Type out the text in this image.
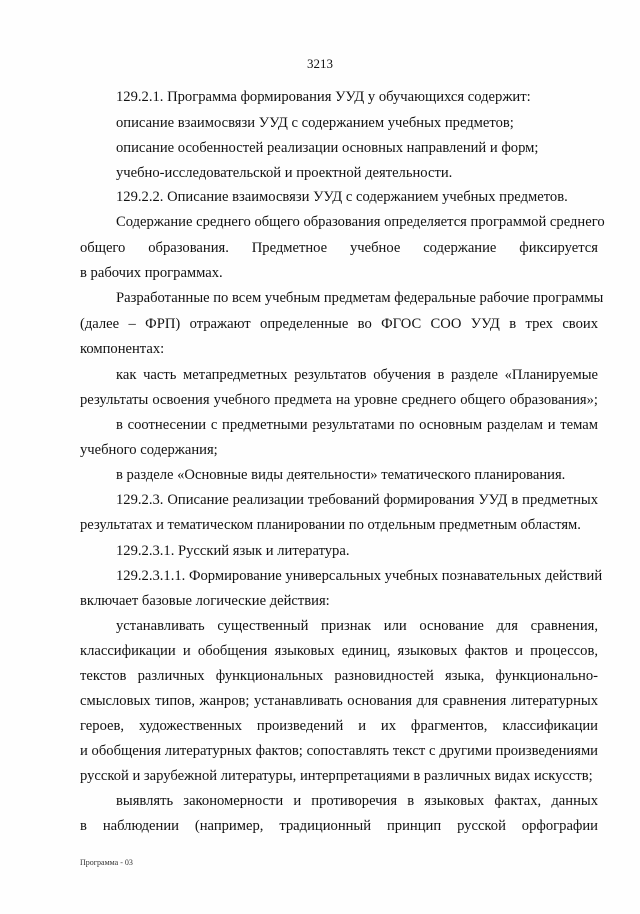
3213
129.2.1. Программа формирования УУД у обучающихся содержит:
описание взаимосвязи УУД с содержанием учебных предметов;
описание особенностей реализации основных направлений и форм;
учебно-исследовательской и проектной деятельности.
129.2.2. Описание взаимосвязи УУД с содержанием учебных предметов.
Содержание среднего общего образования определяется программой среднего
общего образования. Предметное учебное содержание фиксируется
в рабочих программах.
Разработанные по всем учебным предметам федеральные рабочие программы
(далее – ФРП) отражают определенные во ФГОС СОО УУД в трех своих
компонентах:
как часть метапредметных результатов обучения в разделе «Планируемые
результаты освоения учебного предмета на уровне среднего общего образования»;
в соотнесении с предметными результатами по основным разделам и темам
учебного содержания;
в разделе «Основные виды деятельности» тематического планирования.
129.2.3. Описание реализации требований формирования УУД в предметных
результатах и тематическом планировании по отдельным предметным областям.
129.2.3.1. Русский язык и литература.
129.2.3.1.1. Формирование универсальных учебных познавательных действий
включает базовые логические действия:
устанавливать существенный признак или основание для сравнения,
классификации и обобщения языковых единиц, языковых фактов и процессов,
текстов различных функциональных разновидностей языка, функционально-
смысловых типов, жанров; устанавливать основания для сравнения литературных
героев, художественных произведений и их фрагментов, классификации
и обобщения литературных фактов; сопоставлять текст с другими произведениями
русской и зарубежной литературы, интерпретациями в различных видах искусств;
выявлять закономерности и противоречия в языковых фактах, данных
в наблюдении (например, традиционный принцип русской орфографии
Программа - 03
